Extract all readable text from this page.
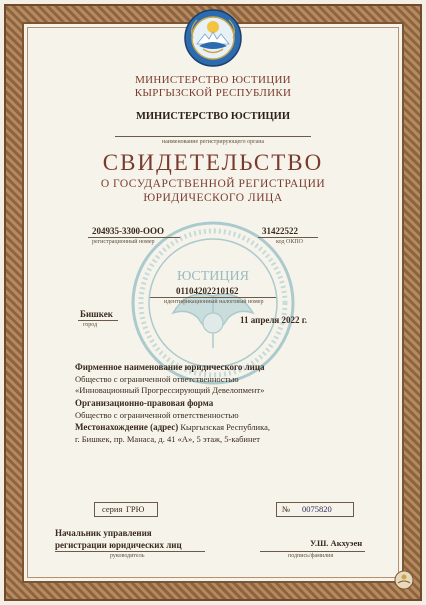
МИНИСТЕРСТВО ЮСТИЦИИ
КЫРГЫЗСКОЙ РЕСПУБЛИКИ
МИНИСТЕРСТВО ЮСТИЦИИ
наименование регистрирующего органа
СВИДЕТЕЛЬСТВО
О ГОСУДАРСТВЕННОЙ РЕГИСТРАЦИИ
ЮРИДИЧЕСКОГО ЛИЦА
ЮСТИЦИЯ
204935-3300-ООО
регистрационный номер
31422522
код ОКПО
01104202210162
идентификационный налоговый номер
Бишкек
город	11 апреля 2022 г.
Фирменное наименование юридического лица
Общество с ограниченной ответственностью
«Инновационный Прогрессирующий Девелопмент»
Организационно-правовая форма
Общество с ограниченной ответственностью
Местонахождение (адрес) Кыргызская Республика,
г. Бишкек, пр. Манаса, д. 41 «А», 5 этаж, 5-кабинет
серия ГРЮ	№ 0075820
Начальник управления
регистрации юридических лиц
руководитель
У.Ш. Акхуэен
подпись/фамилия
